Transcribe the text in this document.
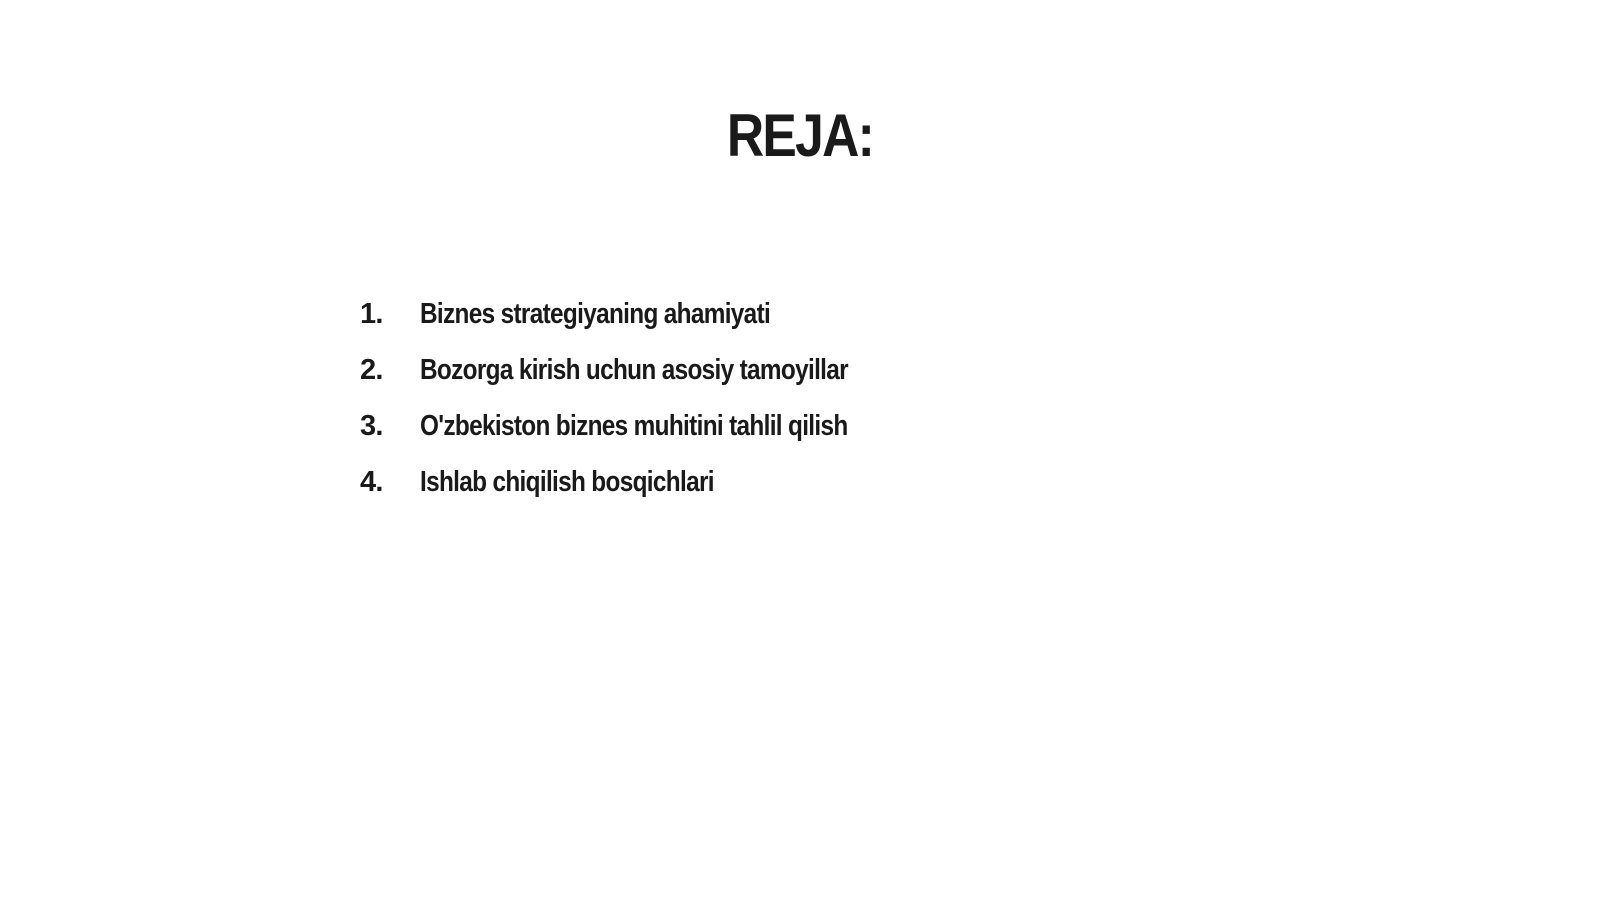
REJA:
1.	Biznes strategiyaning ahamiyati
2.	Bozorga kirish uchun asosiy tamoyillar
3.	O'zbekiston biznes muhitini tahlil qilish
4.	Ishlab chiqilish bosqichlari
